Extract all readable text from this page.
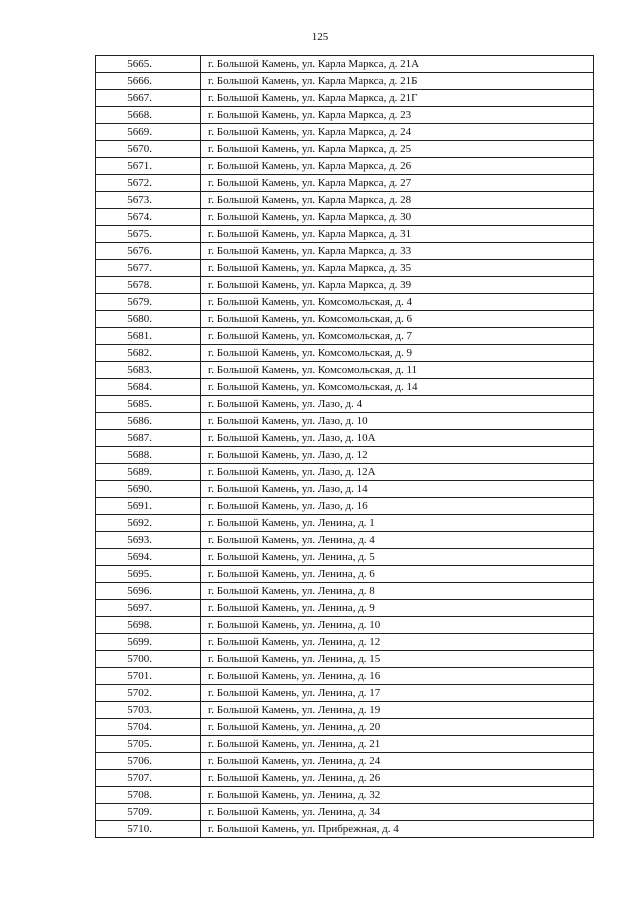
125
5665.	г. Большой Камень, ул. Карла Маркса, д. 21А
5666.	г. Большой Камень, ул. Карла Маркса, д. 21Б
5667.	г. Большой Камень, ул. Карла Маркса, д. 21Г
5668.	г. Большой Камень, ул. Карла Маркса, д. 23
5669.	г. Большой Камень, ул. Карла Маркса, д. 24
5670.	г. Большой Камень, ул. Карла Маркса, д. 25
5671.	г. Большой Камень, ул. Карла Маркса, д. 26
5672.	г. Большой Камень, ул. Карла Маркса, д. 27
5673.	г. Большой Камень, ул. Карла Маркса, д. 28
5674.	г. Большой Камень, ул. Карла Маркса, д. 30
5675.	г. Большой Камень, ул. Карла Маркса, д. 31
5676.	г. Большой Камень, ул. Карла Маркса, д. 33
5677.	г. Большой Камень, ул. Карла Маркса, д. 35
5678.	г. Большой Камень, ул. Карла Маркса, д. 39
5679.	г. Большой Камень, ул. Комсомольская, д. 4
5680.	г. Большой Камень, ул. Комсомольская, д. 6
5681.	г. Большой Камень, ул. Комсомольская, д. 7
5682.	г. Большой Камень, ул. Комсомольская, д. 9
5683.	г. Большой Камень, ул. Комсомольская, д. 11
5684.	г. Большой Камень, ул. Комсомольская, д. 14
5685.	г. Большой Камень, ул. Лазо, д. 4
5686.	г. Большой Камень, ул. Лазо, д. 10
5687.	г. Большой Камень, ул. Лазо, д. 10А
5688.	г. Большой Камень, ул. Лазо, д. 12
5689.	г. Большой Камень, ул. Лазо, д. 12А
5690.	г. Большой Камень, ул. Лазо, д. 14
5691.	г. Большой Камень, ул. Лазо, д. 16
5692.	г. Большой Камень, ул. Ленина, д. 1
5693.	г. Большой Камень, ул. Ленина, д. 4
5694.	г. Большой Камень, ул. Ленина, д. 5
5695.	г. Большой Камень, ул. Ленина, д. 6
5696.	г. Большой Камень, ул. Ленина, д. 8
5697.	г. Большой Камень, ул. Ленина, д. 9
5698.	г. Большой Камень, ул. Ленина, д. 10
5699.	г. Большой Камень, ул. Ленина, д. 12
5700.	г. Большой Камень, ул. Ленина, д. 15
5701.	г. Большой Камень, ул. Ленина, д. 16
5702.	г. Большой Камень, ул. Ленина, д. 17
5703.	г. Большой Камень, ул. Ленина, д. 19
5704.	г. Большой Камень, ул. Ленина, д. 20
5705.	г. Большой Камень, ул. Ленина, д. 21
5706.	г. Большой Камень, ул. Ленина, д. 24
5707.	г. Большой Камень, ул. Ленина, д. 26
5708.	г. Большой Камень, ул. Ленина, д. 32
5709.	г. Большой Камень, ул. Ленина, д. 34
5710.	г. Большой Камень, ул. Прибрежная, д. 4
